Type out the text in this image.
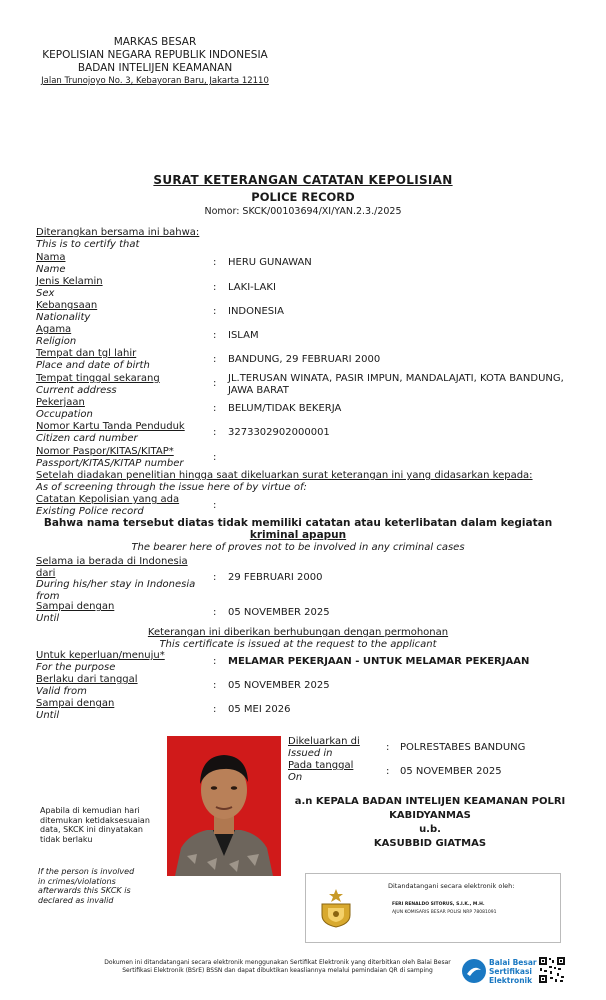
MARKAS BESAR
KEPOLISIAN NEGARA REPUBLIK INDONESIA
BADAN INTELIJEN KEAMANAN
Jalan Trunojoyo No. 3, Kebayoran Baru, Jakarta 12110
SURAT KETERANGAN CATATAN KEPOLISIAN
POLICE RECORD
Nomor: SKCK/00103694/XI/YAN.2.3./2025
Diterangkan bersama ini bahwa:
This is to certify that
Nama
Name
: HERU GUNAWAN
Jenis Kelamin
Sex	: LAKI-LAKI
Kebangsaan
Nationality	: INDONESIA
Agama
Religion	: ISLAM
Tempat dan tgl lahir
Place and date of birth	: BANDUNG, 29 FEBRUARI 2000
Tempat tinggal sekarang
Current address
: JL.TERUSAN WINATA, PASIR IMPUN, MANDALAJATI, KOTA BANDUNG, JAWA BARAT
Pekerjaan
Occupation	: BELUM/TIDAK BEKERJA
Nomor Kartu Tanda Penduduk
Citizen card number	: 3273302902000001
Nomor Paspor/KITAS/KITAP*
Passport/KITAS/KITAP number	:
Setelah diadakan penelitian hingga saat dikeluarkan surat keterangan ini yang didasarkan kepada:
As of screening through the issue here of by virtue of:
Catatan Kepolisian yang ada
Existing Police record	:
Bahwa nama tersebut diatas tidak memiliki catatan atau keterlibatan dalam kegiatan
kriminal apapun
The bearer here of proves not to be involved in any criminal cases
Selama ia berada di Indonesia dari
During his/her stay in Indonesia from
: 29 FEBRUARI 2000
Sampai dengan
Until	: 05 NOVEMBER 2025
Keterangan ini diberikan berhubungan dengan permohonan
This certificate is issued at the request to the applicant
Untuk keperluan/menuju*
For the purpose	: MELAMAR PEKERJAAN - UNTUK MELAMAR PEKERJAAN
Berlaku dari tanggal
Valid from	: 05 NOVEMBER 2025
Sampai dengan
Until	: 05 MEI 2026
Apabila di kemudian hari ditemukan ketidaksesuaian data, SKCK ini dinyatakan tidak berlaku
If the person is involved in crimes/violations afterwards this SKCK is declared as invalid
Dikeluarkan di
Issued in	: POLRESTABES BANDUNG
Pada tanggal
On	: 05 NOVEMBER 2025
a.n KEPALA BADAN INTELIJEN KEAMANAN POLRI
KABIDYANMAS
u.b.
KASUBBID GIATMAS
Ditandatangani secara elektronik oleh:
FERI RENALDO SITORUS, S.I.K., M.H.
AJUN KOMISARIS BESAR POLISI NRP 78081091
Dokumen ini ditandatangani secara elektronik menggunakan Sertifikat Elektronik yang diterbitkan oleh Balai Besar Sertifikasi Elektronik (BSrE) BSSN dan dapat dibuktikan keasliannya melalui pemindaian QR di samping
Balai Besar
Sertifikasi
Elektronik
